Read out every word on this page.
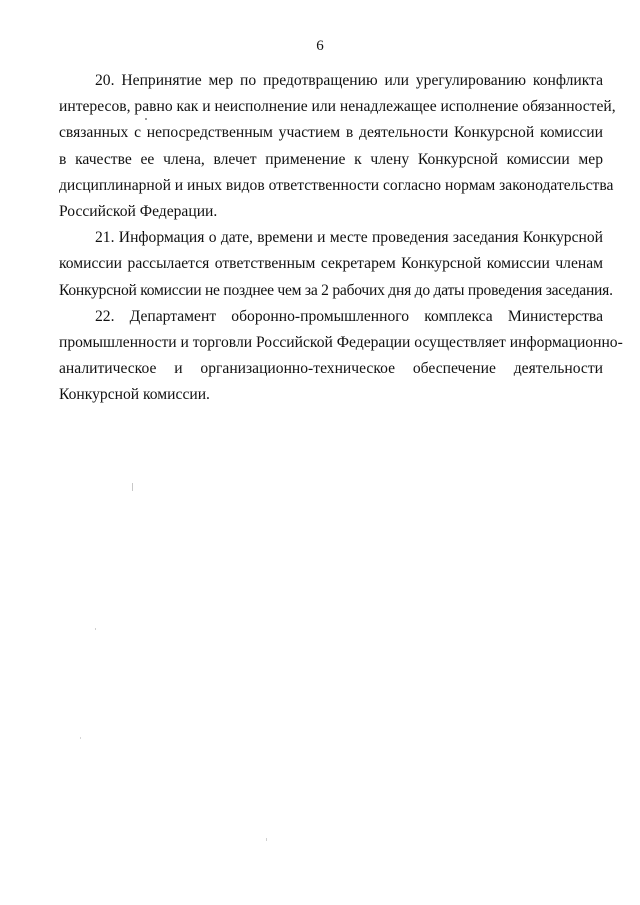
6

20. Непринятие мер по предотвращению или урегулированию конфликта
интересов, равно как и неисполнение или ненадлежащее исполнение обязанностей,
связанных с непосредственным участием в деятельности Конкурсной комиссии
в качестве ее члена, влечет применение к члену Конкурсной комиссии мер
дисциплинарной и иных видов ответственности согласно нормам законодательства
Российской Федерации.

21. Информация о дате, времени и месте проведения заседания Конкурсной
комиссии рассылается ответственным секретарем Конкурсной комиссии членам
Конкурсной комиссии не позднее чем за 2 рабочих дня до даты проведения заседания.

22. Департамент оборонно-промышленного комплекса Министерства
промышленности и торговли Российской Федерации осуществляет информационно-
аналитическое и организационно-техническое обеспечение деятельности
Конкурсной комиссии.
